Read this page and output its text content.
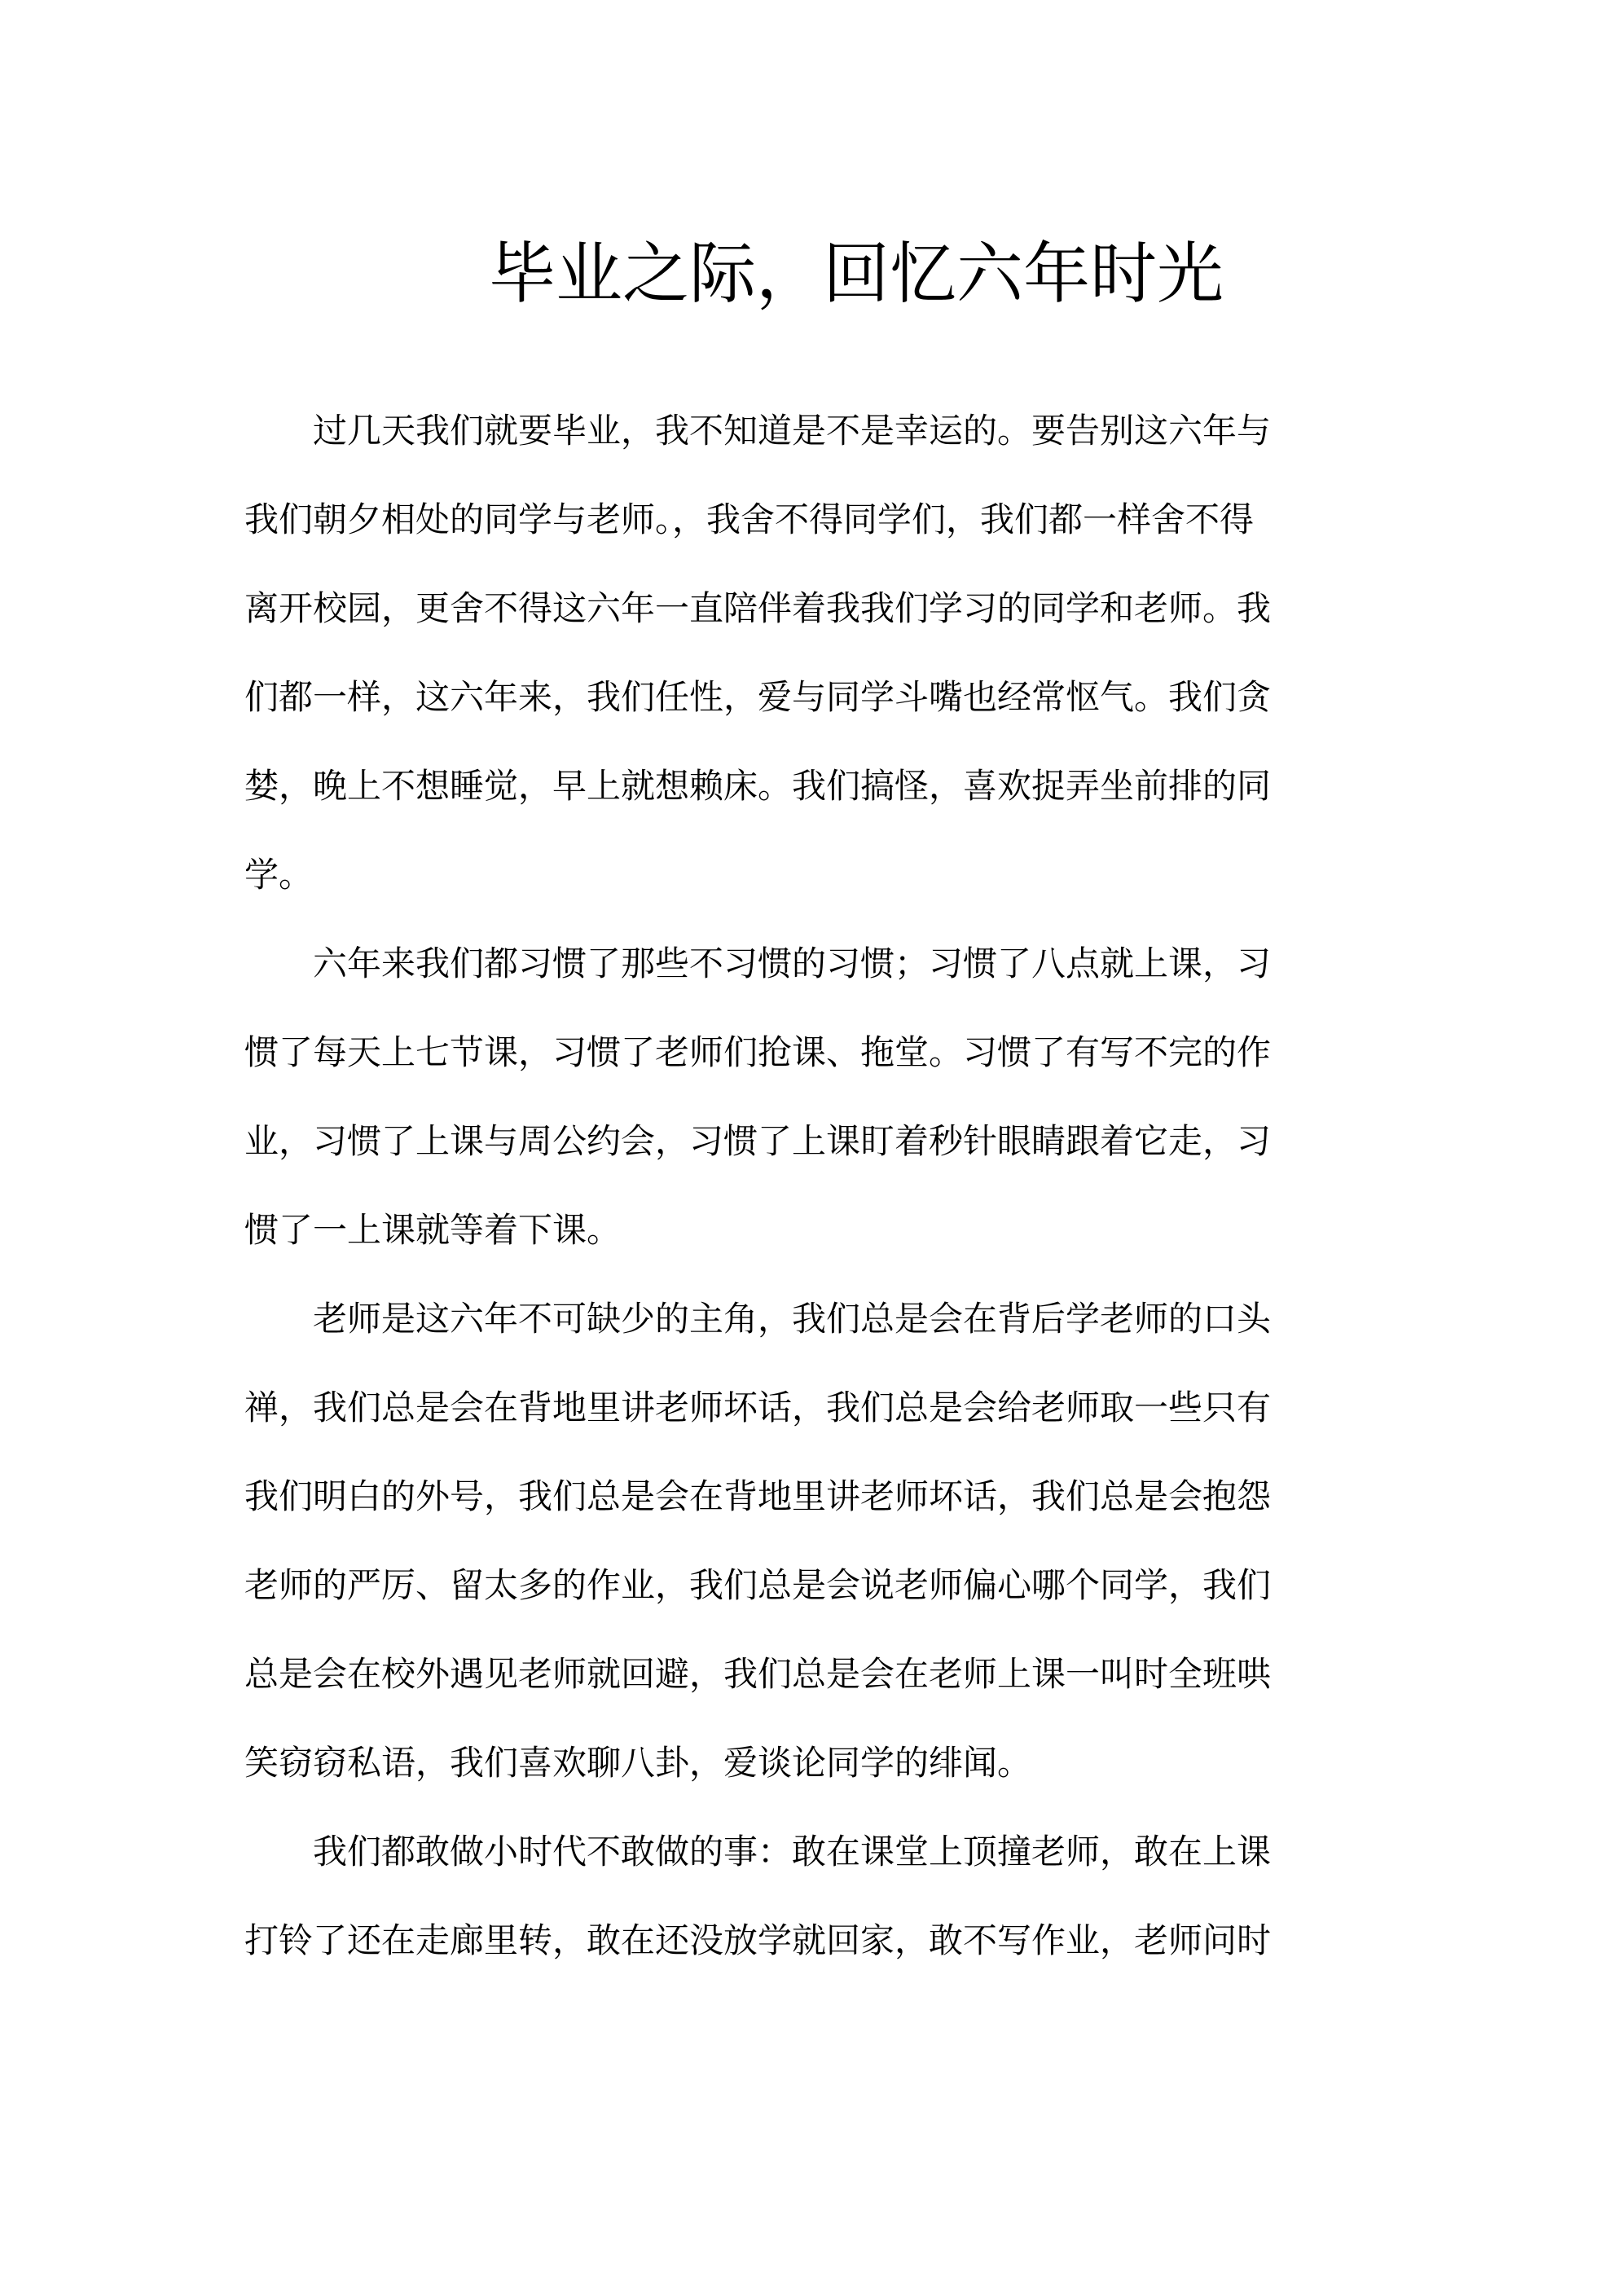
毕业之际，回忆六年时光

过几天我们就要毕业，我不知道是不是幸运的。要告别这六年与

我们朝夕相处的同学与老师。，我舍不得同学们，我们都一样舍不得

离开校园，更舍不得这六年一直陪伴着我我们学习的同学和老师。我

们都一样，这六年来，我们任性，爱与同学斗嘴也经常怄气。我们贪

婪，晚上不想睡觉，早上就想赖床。我们搞怪，喜欢捉弄坐前排的同

学。

六年来我们都习惯了那些不习惯的习惯；习惯了八点就上课，习

惯了每天上七节课，习惯了老师们抢课、拖堂。习惯了有写不完的作

业，习惯了上课与周公约会，习惯了上课盯着秒针眼睛跟着它走，习

惯了一上课就等着下课。

老师是这六年不可缺少的主角，我们总是会在背后学老师的口头

禅，我们总是会在背地里讲老师坏话，我们总是会给老师取一些只有

我们明白的外号，我们总是会在背地里讲老师坏话，我们总是会抱怨

老师的严厉、留太多的作业，我们总是会说老师偏心哪个同学，我们

总是会在校外遇见老师就回避，我们总是会在老师上课一叫时全班哄

笑窃窃私语，我们喜欢聊八卦，爱谈论同学的绯闻。

我们都敢做小时代不敢做的事：敢在课堂上顶撞老师，敢在上课

打铃了还在走廊里转，敢在还没放学就回家，敢不写作业，老师问时
